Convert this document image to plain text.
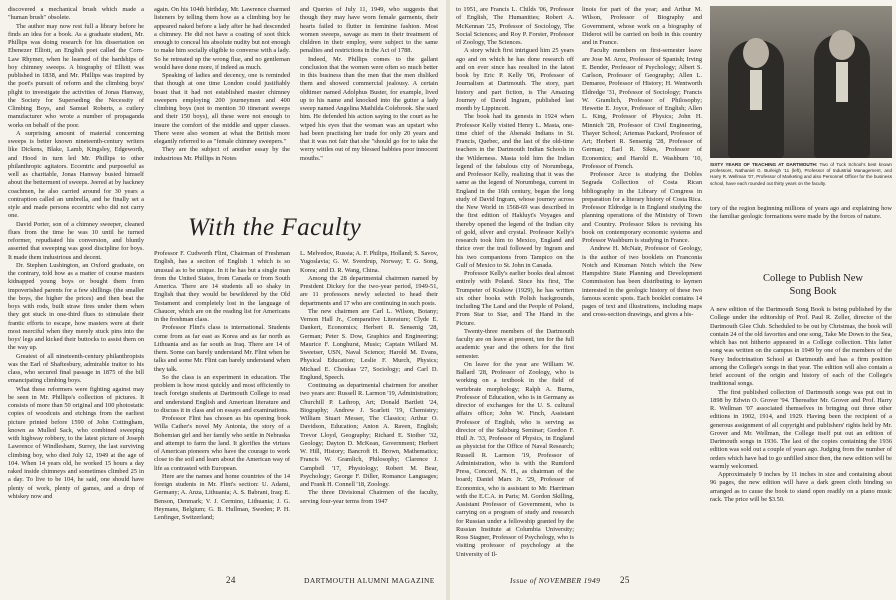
discovered a mechanical brush which made a "human brush" obsolete.

The author may now rest full a library before he finds an idea for a book. As a graduate student, Mr. Phillips was doing research for his dissertation on Ebenezer Elliott, an English poet called the Corn-Law Rhymer, when he learned of the hardships of boy chimney sweeps. A biography of Elliott was published in 1838, and Mr. Phillips was inspired by the poet's pursuit of reform and the climbing boys' plight to investigate the activities of Jonas Hanway, the Society for Superseding the Necessity of Climbing Boys, and Samuel Roberts, a cutlery manufacturer who wrote a number of propaganda works on behalf of the poor.

A surprising amount of material concerning sweeps is better known nineteenth-century writers like Dickens, Blake, Lamb, Kingsley, Edgeworth, and Hood in turn led Mr. Phillips to other philanthropic agitators. Eccentric and purposeful as well as charitable, Jonas Hanway busied himself about the betterment of sweeps. Jeered at by hackney coachmen, he also carried around for 30 years a contraption called an umbrella, and he finally set a style and made persons eccentric who did not carry one.

David Porter, son of a chimney sweeper, cleaned flues from the time he was 10 until he turned reformer, repudiated his conversion, and bluntly asserted that sweeping was good discipline for boys. It made them industrious and decent.

Dr. Stephen Lushington, an Oxford graduate, on the contrary, told how as a matter of course masters kidnapped young boys or bought them from impoverished parents for a few shillings (the smaller the boys, the higher the prices) and then beat the boys with rods, built straw fires under them when they got stuck in one-third flues to stimulate their frantic efforts to escape, how masters were at their most merciful when they merely stuck pins into the boys' legs and kicked their buttocks to assist them on the way up.

Greatest of all nineteenth-century philanthropists was the Earl of Shaftesbury, admirable traitor to his class, who secured final passage in 1875 of the bill emancipating climbing boys.

What these reformers were fighting against may be seen in Mr. Phillips's collection of pictures. It consists of more than 50 original and 100 photostatic copies of woodcuts and etchings from the earliest picture printed before 1590 of John Cottingham, known as Mulled Sack, who combined sweeping with highway robbery, to the latest picture of Joseph Lawrence of Windlesham, Surrey, the last surviving climbing boy, who died July 12, 1949 at the age of 104. When 14 years old, he worked 15 hours a day raked inside chimneys and sometimes climbed 25 in a day. To live to be 104, he said, one should have plenty of work, plenty of games, and a drop of whiskey now and

again. On his 104th birthday, Mr. Lawrence charmed listeners by telling them how as a climbing boy he appeared naked before a lady after he had descended a chimney. He did not have a coating of soot thick enough to conceal his absolute nudity but not enough to make him socially eligible to converse with a lady. So he retreated up the wrong flue, and no gentleman would have done more, if indeed as much.

Speaking of ladies and decency, one is reminded that though at one time London could justifiably boast that it had not established master chimney sweepers employing 200 journeymen and 400 climbing boys (not to mention 30 itinerant sweeps and their 150 boys), all these were not enough to insure the comfort of the middle and upper classes. There were also women at what the British more elegantly referred to as "female chimney sweepers."

They are the subject of another essay by the industrious Mr. Phillips in Notes

and Queries of July 11, 1949, who suggests that though they may have worn female garments, their hearts failed to flutter in feminine fashion. Most women sweeps, savage as men in their treatment of children in their employ, were subject to the same penalties and restrictions in the Act of 1788.

Indeed, Mr. Phillips comes to the gallant conclusion that the women were often so much better in this business than the men that the men disliked them and showed commercial jealousy. A certain oldtimer named Adolphus Buster, for example, lived up to his name and knocked into the gutter a lady sweep named Angelina Mathilda Colebrook. She sued him. He defended his action saying to the court as he wiped his eyes that the woman was an upstart who had been practising her trade for only 20 years and that it was not fair that she "should go for to take the werry wittles out of my blessed babbies poor innocent mouths."

With the Faculty

Professor F. Cudworth Flint, Chairman of Freshman English, has a section of English 1 which is so unusual as to be unique. In it he has but a single man from the United States, from Canada or from South America. There are 14 students all so shaky in English that they would be bewildered by the Old Testament and completely lost in the language of Chaucer, which are on the reading list for Americans in the freshman class.

Professor Flint's class is international. Students come from as far east as Korea and as far north as Lithuania and as far south as Iraq. There are 14 of them. Some can barely understand Mr. Flint when he talks and some Mr. Flint can barely understand when they talk.

So the class is an experiment in education. The problem is how most quickly and most efficiently to teach foreign students at Dartmouth College to read and understand English and American literature and to discuss it in class and on essays and examinations.

Professor Flint has chosen as his opening book Willa Cather's novel My Antonia, the story of a Bohemian girl and her family who settle in Nebraska and attempt to farm the land. It glorifies the virtues of American pioneers who have the courage to work close to the soil and learn about the American way of life as contrasted with European.

Here are the names and home countries of the 14 foreign students in Mr. Flint's section: U. Adami, Germany; A. Anza, Lithuania; A. S. Babrani, Iraq; E. Benson, Denmark; V. J. Cermino, Lithuania; J. G. Heymans, Belgium; G. B. Hullman, Sweden; P. H. Lenfinger, Switzerland;

L. Melvedov, Russia; A. F. Philips, Holland; S. Savov, Yugoslavia; G. W. Sverdrup, Norway; T. G. Song, Korea; and D. R. Wang, China.

Among the 28 departmental chairmen named by President Dickey for the two-year period, 1949-51, are 11 professors newly selected to head their departments and 17 who are continuing in such posts.

The new chairmen are Carl L. Wilson, Botany; Vernon Hall Jr., Comparative Literature; Clyde E. Dankert, Economics; Herbert R. Sensenig '28, German; Peter S. Dow, Graphics and Engineering; Maurice F. Longhurst, Music; Captain Willard M. Sweetser, USN, Naval Science; Harold M. Evans, Physical Education; Leslie F. Murch, Physics; Michael E. Choukas '27, Sociology; and Carl D. Englund, Speech.

Continuing as departmental chairmen for another two years are: Russell R. Larmon '19, Administration; Churchill P. Lathrop, Art; Donald Bartlett '24, Biography; Andrew J. Scarlett '19, Chemistry; William Stuart Messer, The Classics; Arthur O. Davidson, Education; Anton A. Raven, English; Trevor Lloyd, Geography; Richard E. Stoiber '32, Geology; Dayton D. McKean, Government; Herbert W. Hill, History; Bancroft H. Brown, Mathematics; Francis W. Gramlich, Philosophy; Clarence J. Campbell '17, Physiology; Robert M. Bear, Psychology; George F. Diller, Romance Languages; and Frank H. Connell '18, Zoology.

The three Divisional Chairmen of the faculty, serving four-year terms from 1947

24	DARTMOUTH ALUMNI MAGAZINE

to 1951, are Francis L. Childs '06, Professor of English, The Humanities; Robert A. McKennan '25, Professor of Sociology, The Social Sciences; and Roy P. Forster, Professor of Zoology, The Sciences.

A story which first intrigued him 25 years ago and on which he has done research off and on ever since has resulted in the latest book by Eric P. Kelly '06, Professor of Journalism at Dartmouth. The story, part history and part fiction, is The Amazing Journey of David Ingram, published last month by Lippincott.

The book had its genesis in 1924 when Professor Kelly visited Henry L. Masta, one-time chief of the Abenaki Indians in St. Francis, Quebec, and the last of the old-time teachers in the Dartmouth Indian Schools in the Wilderness. Masta told him the Indian legend of the fabulous city of Norumbega, and Professor Kelly, realizing that it was the same as the legend of Norumbega, current in England in the 16th century, began the long study of David Ingram, whose journey across the New World in 1568-69 was described in the first edition of Hakluyt's Voyages and thereby opened the legend of the Indian city of gold, silver and crystal. Professor Kelly's research took him to Mexico, England and thrice over the trail followed by Ingram and his two companions from Tampico on the Gulf of Mexico to St. John in Canada.

Professor Kelly's earlier books deal almost entirely with Poland. Since his first, The Trumpeter of Krakow (1929), he has written six other books with Polish backgrounds, including The Land and the People of Poland, From Star to Star, and The Hand in the Picture.

Twenty-three members of the Dartmouth faculty are on leave at present, ten for the full academic year and the others for the first semester.

On leave for the year are William W. Ballard '28, Professor of Zoology, who is working on a textbook in the field of vertebrate morphology; Ralph A. Burns, Professor of Education, who is in Germany as director of exchanges for the U. S. cultural affairs office; John W. Finch, Assistant Professor of English, who is serving as director of the Salzburg Seminar; Gordon F. Hull Jr. '33, Professor of Physics, in England as physicist for the Office of Naval Research; Russell R. Larmon '19, Professor of Administration, who is with the Rumford Press, Concord, N. H., as chairman of the board; Daniel Marx Jr. '29, Professor of Economics, who is assistant to Mr. Harriman with the E.C.A. in Paris; M. Gordon Skilling, Assistant Professor of Government, who is carrying on a program of study and research for Russian under a fellowship granted by the Russian Institute at Columbia University; Ross Stagner, Professor of Psychology, who is visiting professor of psychology at the University of Il-

linois for part of the year; and Arthur M. Wilson, Professor of Biography and Government, whose work on a biography of Diderot will be carried on both in this country and in France.

Faculty members on first-semester leave are Jose M. Aroz, Professor of Spanish; Irving E. Bender, Professor of Psychology; Albert S. Carlson, Professor of Geography; Allen L. Demaree, Professor of History; H. Wentworth Eldredge '31, Professor of Sociology; Francis W. Gramlich, Professor of Philosophy; Hewette E. Joyce, Professor of English; Allen L. King, Professor of Physics; John H. Minnich '28, Professor of Civil Engineering, Thayer School; Artemas Packard, Professor of Art; Herbert R. Sensenig '28, Professor of German; Earl R. Sikes, Professor of Economics; and Harold E. Washburn '10, Professor of French.

Professor Arce is studying the Dobles Segrada Collection of Costa Rican bibliography in the Library of Congress in preparation for a literary history of Costa Rica. Professor Eldredge is in England studying the planning operations of the Ministry of Town and Country. Professor Sikes is revising his book on contemporary economic systems and Professor Washburn is studying in France.

Andrew H. McNair, Professor of Geology, is the author of two booklets on Franconia Notch and Kinsman Notch which the New Hampshire State Planning and Development Commission has been distributing to laymen interested in the geologic history of these two famous scenic spots. Each booklet contains 14 pages of text and illustrations, including maps and cross-section drawings, and gives a his-

SIXTY YEARS OF TEACHING AT DARTMOUTH: Two of Tuck School's best known professors, Nathaniel G. Burleigh '11 (left), Professor of Industrial Management, and Harry R. Wellman '07, Professor of Marketing and also Personnel Officer for the business school, have each rounded out thirty years on the faculty.

tory of the region beginning millions of years ago and explaining how the familiar geologic formations were made by the forces of nature.

College to Publish New Song Book

A new edition of the Dartmouth Song Book is being published by the College under the editorship of Prof. Paul R. Zeller, director of the Dartmouth Glee Club. Scheduled to be out by Christmas, the book will contain 24 of the old favorites and one song, Take Me Down to the Sea, which has not hitherto appeared in a College collection. This latter song was written on the campus in 1949 by one of the members of the Navy Indoctrination School at Dartmouth and has a firm position among the College's songs in that year. The edition will also contain a brief account of the origin and history of each of the College's traditional songs.

The first published collection of Dartmouth songs was put out in 1898 by Edwin O. Grover '94. Thereafter Mr. Grover and Prof. Harry R. Wellman '07 associated themselves in bringing out three other editions in 1902, 1914, and 1929. Having been the recipient of a generous assignment of all copyright and publishers' rights held by Mr. Grover and Mr. Wellman, the College itself put out an edition of Dartmouth songs in 1936. The last of the copies containing the 1936 edition was sold out a couple of years ago. Judging from the number of orders which have had to go unfilled since then, the new edition will be warmly welcomed.

Approximately 9 inches by 11 inches in size and containing about 96 pages, the new edition will have a dark green cloth binding so arranged as to cause the book to stand open readily on a piano music rack. The price will be $3.50.

Issue of NOVEMBER 1949 25
